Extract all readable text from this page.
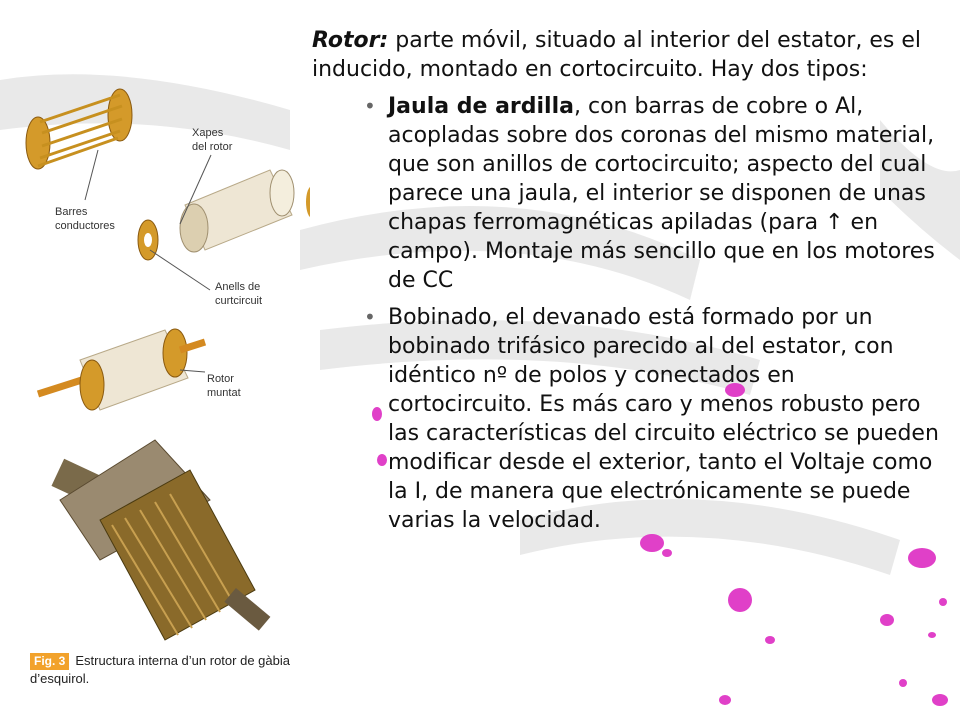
Xapes
del rotor
Barres
conductores
Anells de
curtcircuit
Rotor
muntat
Fig. 3 Estructura interna d’un rotor de gàbia d’esquirol.

Rotor: parte móvil, situado al interior del estator, es el inducido, montado en cortocircuito. Hay dos tipos:

• Jaula de ardilla, con barras de cobre o Al, acopladas sobre dos coronas del mismo material, que son anillos de cortocircuito; aspecto del cual parece una jaula, el interior se disponen de unas chapas ferromagnéticas apiladas (para ↑ en campo). Montaje más sencillo que en los motores de CC
• Bobinado, el devanado está formado por un bobinado trifásico parecido al del estator, con idéntico nº de polos y conectados en cortocircuito. Es más caro y menos robusto pero las características del circuito eléctrico se pueden modificar desde el exterior, tanto el Voltaje como la I, de manera que electrónicamente se puede varias la velocidad.
